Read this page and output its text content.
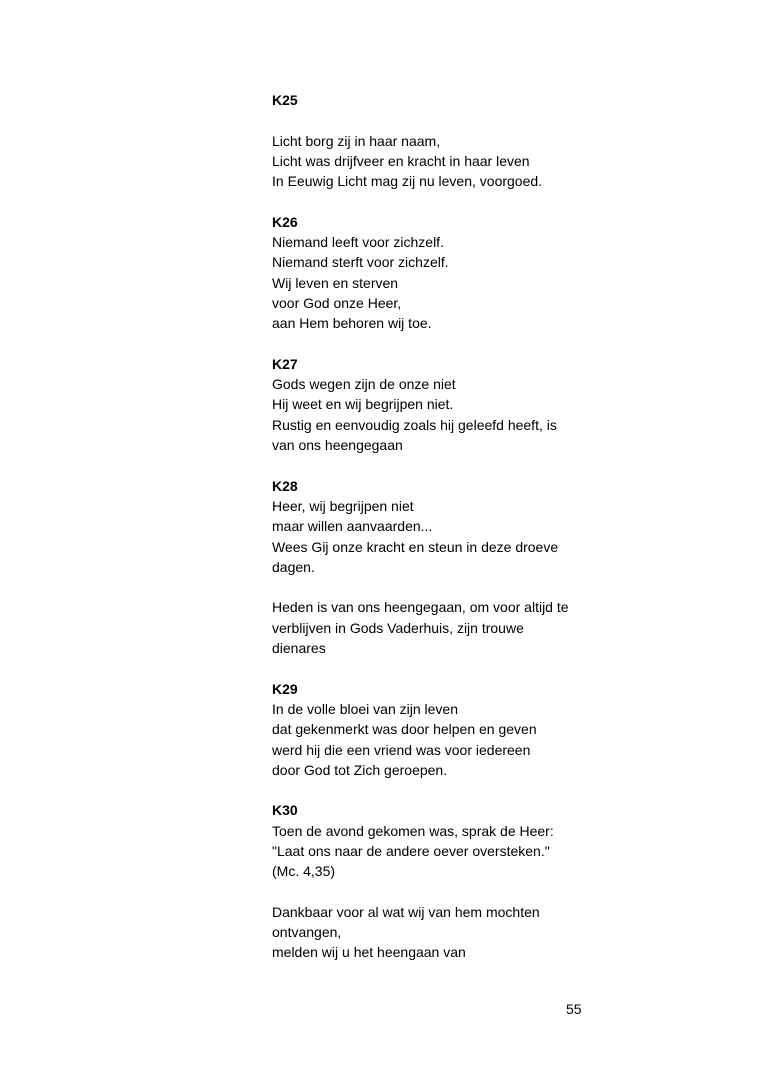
K25
Licht borg zij in haar naam,
Licht was drijfveer en kracht in haar leven
In Eeuwig Licht mag zij nu leven, voorgoed.
K26
Niemand leeft voor zichzelf.
Niemand sterft voor zichzelf.
Wij leven en sterven
voor God onze Heer,
aan Hem behoren wij toe.
K27
Gods wegen zijn de onze niet
Hij weet en wij begrijpen niet.
Rustig en eenvoudig zoals hij geleefd heeft, is
van ons heengegaan
K28
Heer, wij begrijpen niet
maar willen aanvaarden...
Wees Gij onze kracht en steun in deze droeve
dagen.
Heden is van ons heengegaan, om voor altijd te
verblijven in Gods Vaderhuis, zijn trouwe
dienares
K29
In de volle bloei van zijn leven
dat gekenmerkt was door helpen en geven
werd hij die een vriend was voor iedereen
door God tot Zich geroepen.
K30
Toen de avond gekomen was, sprak de Heer:
"Laat ons naar de andere oever oversteken."
(Mc. 4,35)
Dankbaar voor al wat wij van hem mochten
ontvangen,
melden wij u het heengaan van
55
